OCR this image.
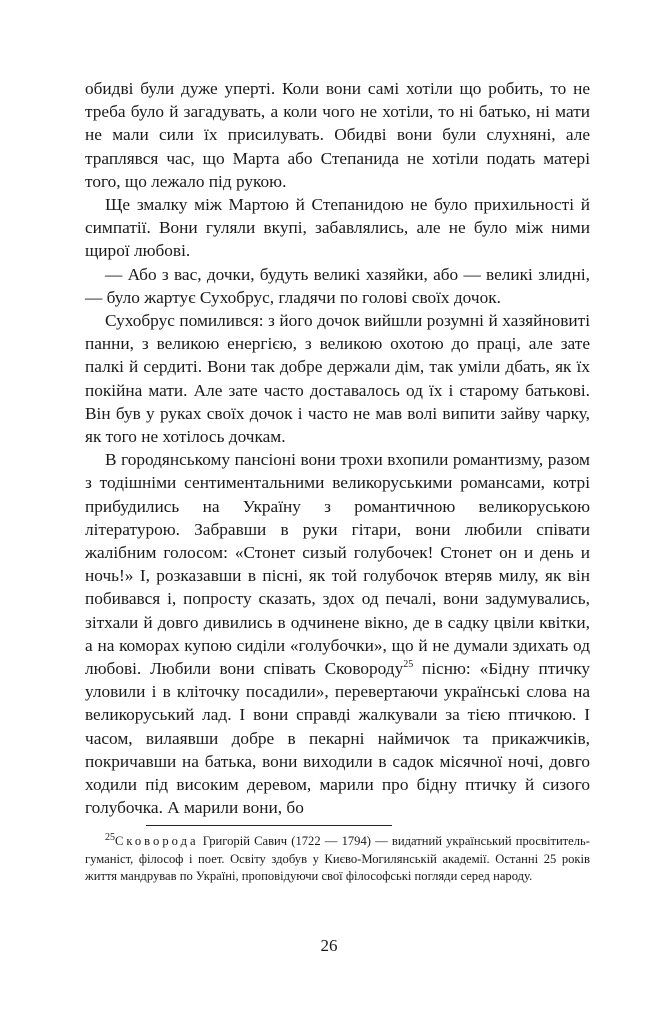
обидві були дуже уперті. Коли вони самі хотіли що робить, то не треба було й загадувать, а коли чого не хотіли, то ні батько, ні мати не мали сили їх присилувать. Обидві вони були слухняні, але траплявся час, що Марта або Степанида не хотіли подать матері того, що лежало під рукою.

Ще змалку між Мартою й Степанидою не було прихильності й симпатії. Вони гуляли вкупі, забавлялись, але не було між ними щирої любові.

— Або з вас, дочки, будуть великі хазяйки, або — великі злидні, — було жартує Сухобрус, гладячи по голові своїх дочок.

Сухобрус помилився: з його дочок вийшли розумні й хазяйновиті панни, з великою енергією, з великою охотою до праці, але зате палкі й сердиті. Вони так добре держали дім, так уміли дбать, як їх покійна мати. Але зате часто доставалось од їх і старому батькові. Він був у руках своїх дочок і часто не мав волі випити зайву чарку, як того не хотілось дочкам.

В городянському пансіоні вони трохи вхопили романтизму, разом з тодішніми сентиментальними великоруськими романсами, котрі прибудились на Україну з романтичною великоруською літературою. Забравши в руки гітари, вони любили співати жалібним голосом: «Стонет сизый голубочек! Стонет он и день и ночь!» І, розказавши в пісні, як той голубочок втеряв милу, як він побивався і, попросту сказать, здох од печалі, вони задумувались, зітхали й довго дивились в одчинене вікно, де в садку цвіли квітки, а на коморах купою сиділи «голубочки», що й не думали здихать од любові. Любили вони співать Сковороду$^{25}$ пісню: «Бідну птичку уловили і в кліточку посадили», перевертаючи українські слова на великоруський лад. І вони справді жалкували за тією птичкою. І часом, вилаявши добре в пекарні наймичок та прикажчиків, покричавши на батька, вони виходили в садок місячної ночі, довго ходили під високим деревом, марили про бідну птичку й сизого голубочка. А марили вони, бо

$^{25}$Сковорода Григорій Савич (1722 — 1794) — видатний український просвітитель-гуманіст, філософ і поет. Освіту здобув у Києво-Могилянській академії. Останні 25 років життя мандрував по Україні, проповідуючи свої філософські погляди серед народу.
26
